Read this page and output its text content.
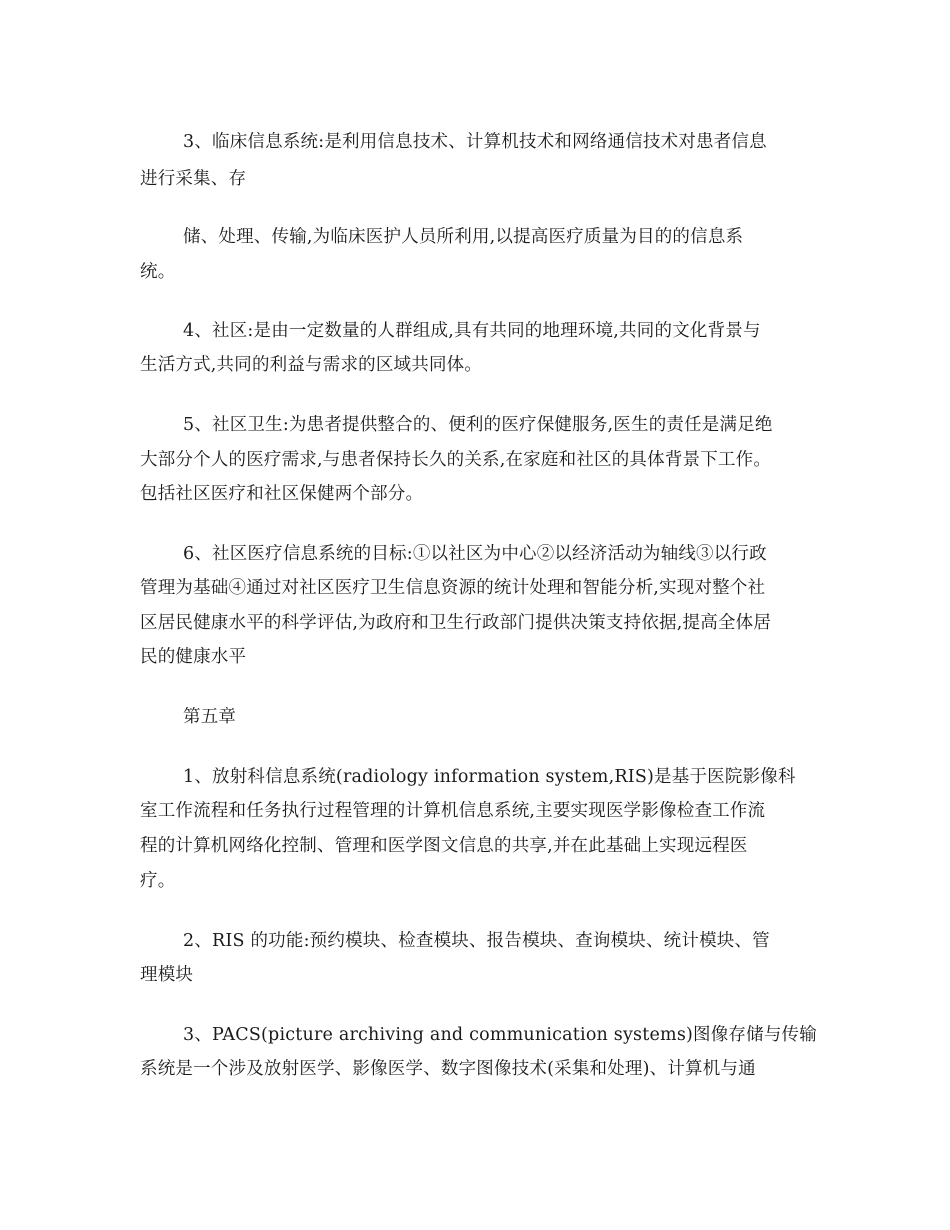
3、临床信息系统:是利用信息技术、计算机技术和网络通信技术对患者信息
进行采集、存
储、处理、传输,为临床医护人员所利用,以提高医疗质量为目的的信息系
统。
4、社区:是由一定数量的人群组成,具有共同的地理环境,共同的文化背景与
生活方式,共同的利益与需求的区域共同体。
5、社区卫生:为患者提供整合的、便利的医疗保健服务,医生的责任是满足绝
大部分个人的医疗需求,与患者保持长久的关系,在家庭和社区的具体背景下工作。
包括社区医疗和社区保健两个部分。
6、社区医疗信息系统的目标:①以社区为中心②以经济活动为轴线③以行政
管理为基础④通过对社区医疗卫生信息资源的统计处理和智能分析,实现对整个社
区居民健康水平的科学评估,为政府和卫生行政部门提供决策支持依据,提高全体居
民的健康水平
第五章
1、放射科信息系统(radiology information system,RIS)是基于医院影像科
室工作流程和任务执行过程管理的计算机信息系统,主要实现医学影像检查工作流
程的计算机网络化控制、管理和医学图文信息的共享,并在此基础上实现远程医
疗。
2、RIS 的功能:预约模块、检查模块、报告模块、查询模块、统计模块、管
理模块
3、PACS(picture archiving and communication systems)图像存储与传输
系统是一个涉及放射医学、影像医学、数字图像技术(采集和处理)、计算机与通
